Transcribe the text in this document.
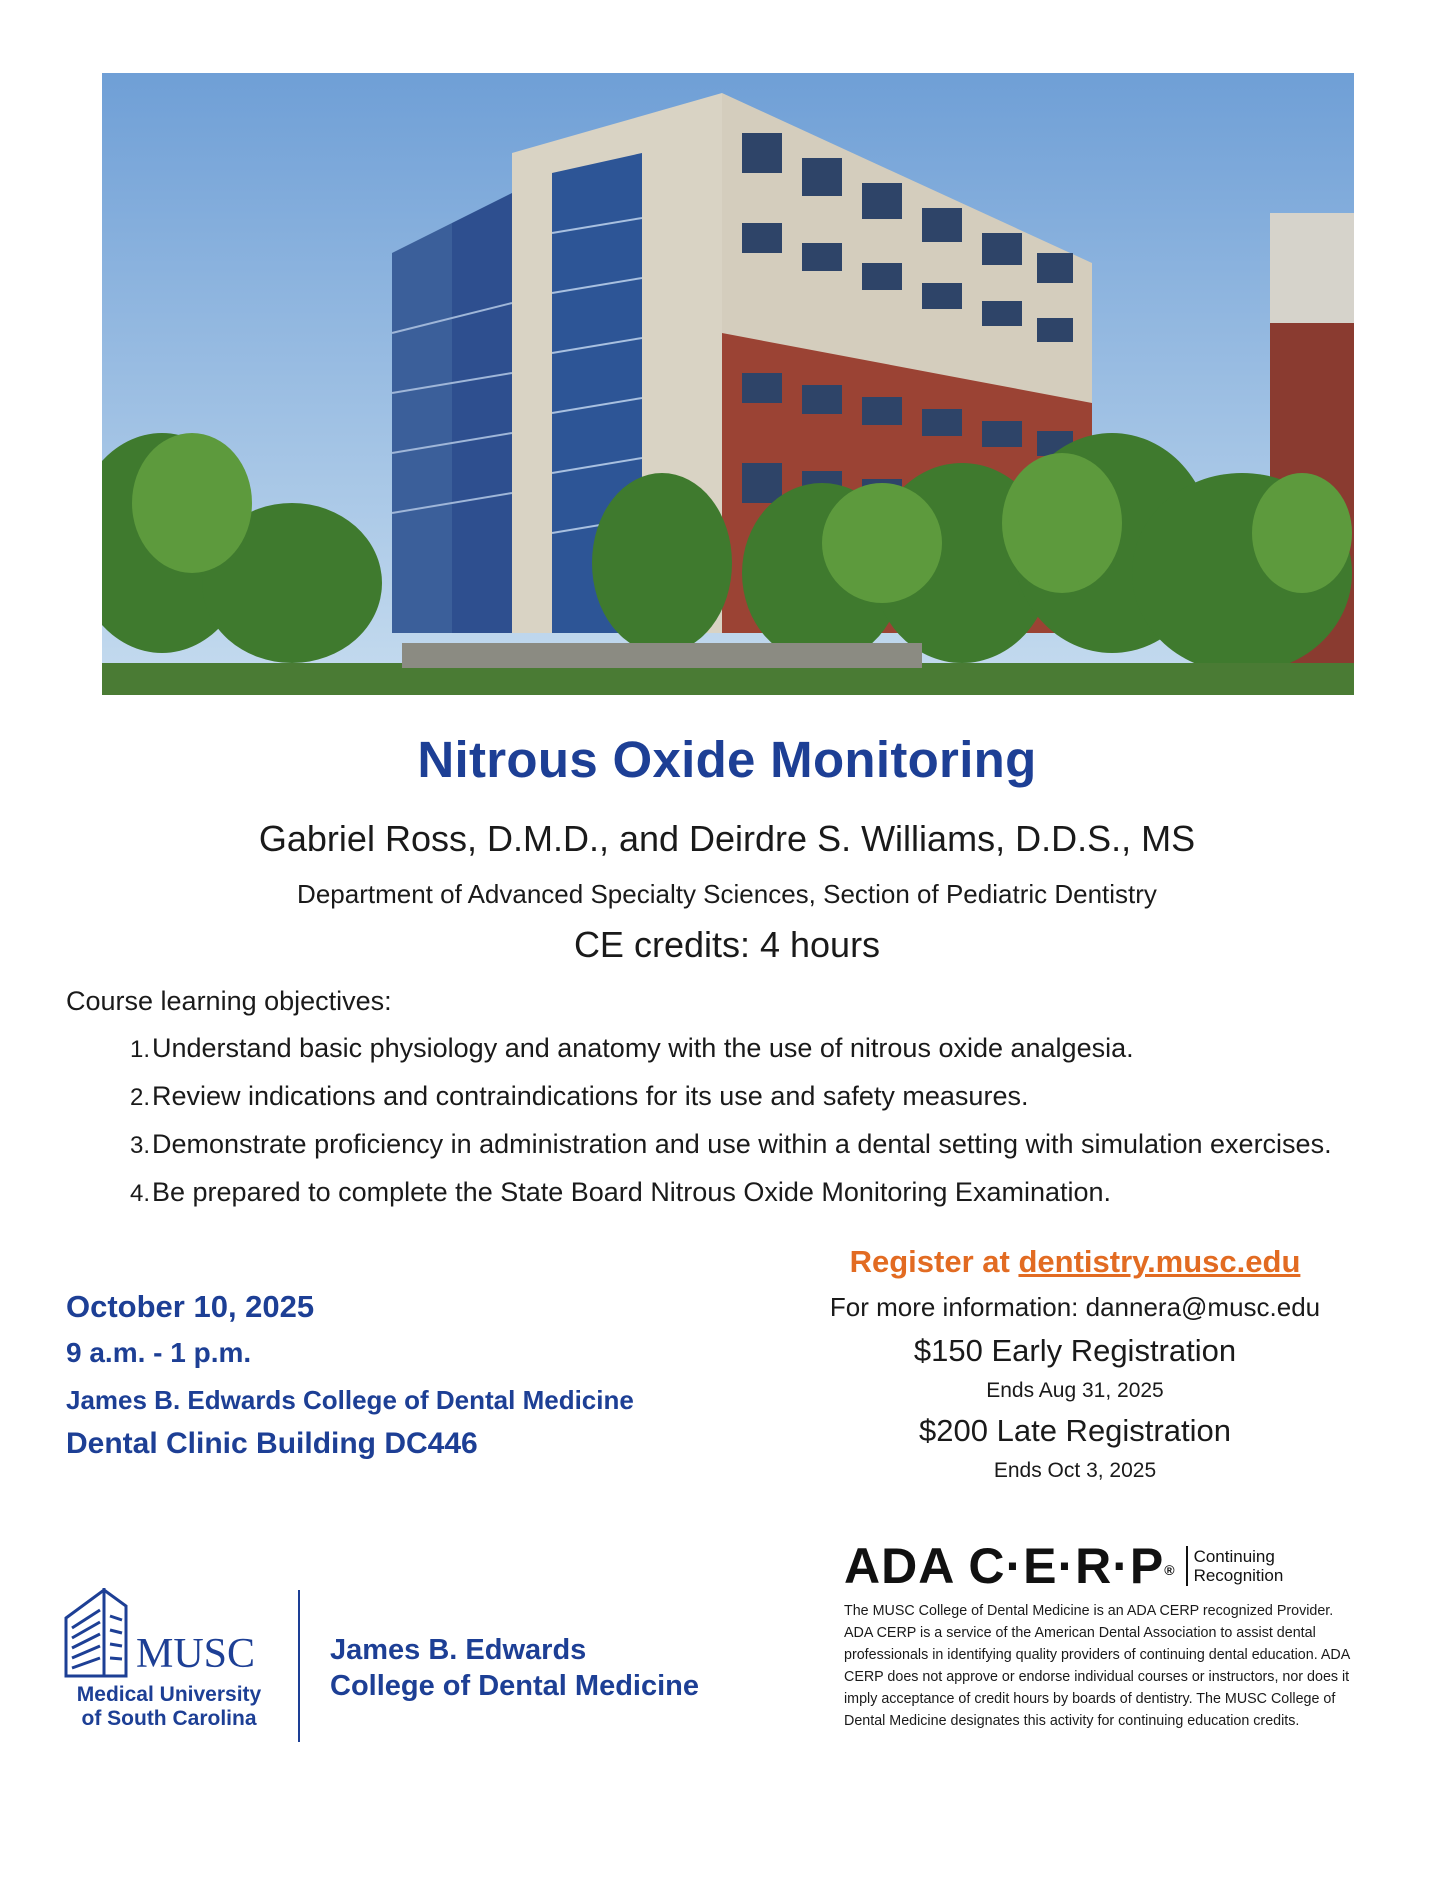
Nitrous Oxide Monitoring
Gabriel Ross, D.M.D., and Deirdre S. Williams, D.D.S., MS
Department of Advanced Specialty Sciences, Section of Pediatric Dentistry
CE credits: 4 hours
Course learning objectives:
1.Understand basic physiology and anatomy with the use of nitrous oxide analgesia.
2.Review indications and contraindications for its use and safety measures.
3.Demonstrate proficiency in administration and use within a dental setting with simulation exercises.
4.Be prepared to complete the State Board Nitrous Oxide Monitoring Examination.
October 10, 2025
9 a.m. - 1 p.m.
James B. Edwards College of Dental Medicine
Dental Clinic Building DC446
Register at dentistry.musc.edu
For more information: dannera@musc.edu
$150 Early Registration
Ends Aug 31, 2025
$200 Late Registration
Ends Oct 3, 2025
ADA C·E·R·P®
Continuing
Recognition
The MUSC College of Dental Medicine is an ADA CERP recognized Provider. ADA CERP is a service of the American Dental Association to assist dental professionals in identifying quality providers of continuing dental education. ADA CERP does not approve or endorse individual courses or instructors, nor does it imply acceptance of credit hours by boards of dentistry. The MUSC College of Dental Medicine designates this activity for continuing education credits.
MUSC
Medical University
of South Carolina
James B. Edwards
College of Dental Medicine
